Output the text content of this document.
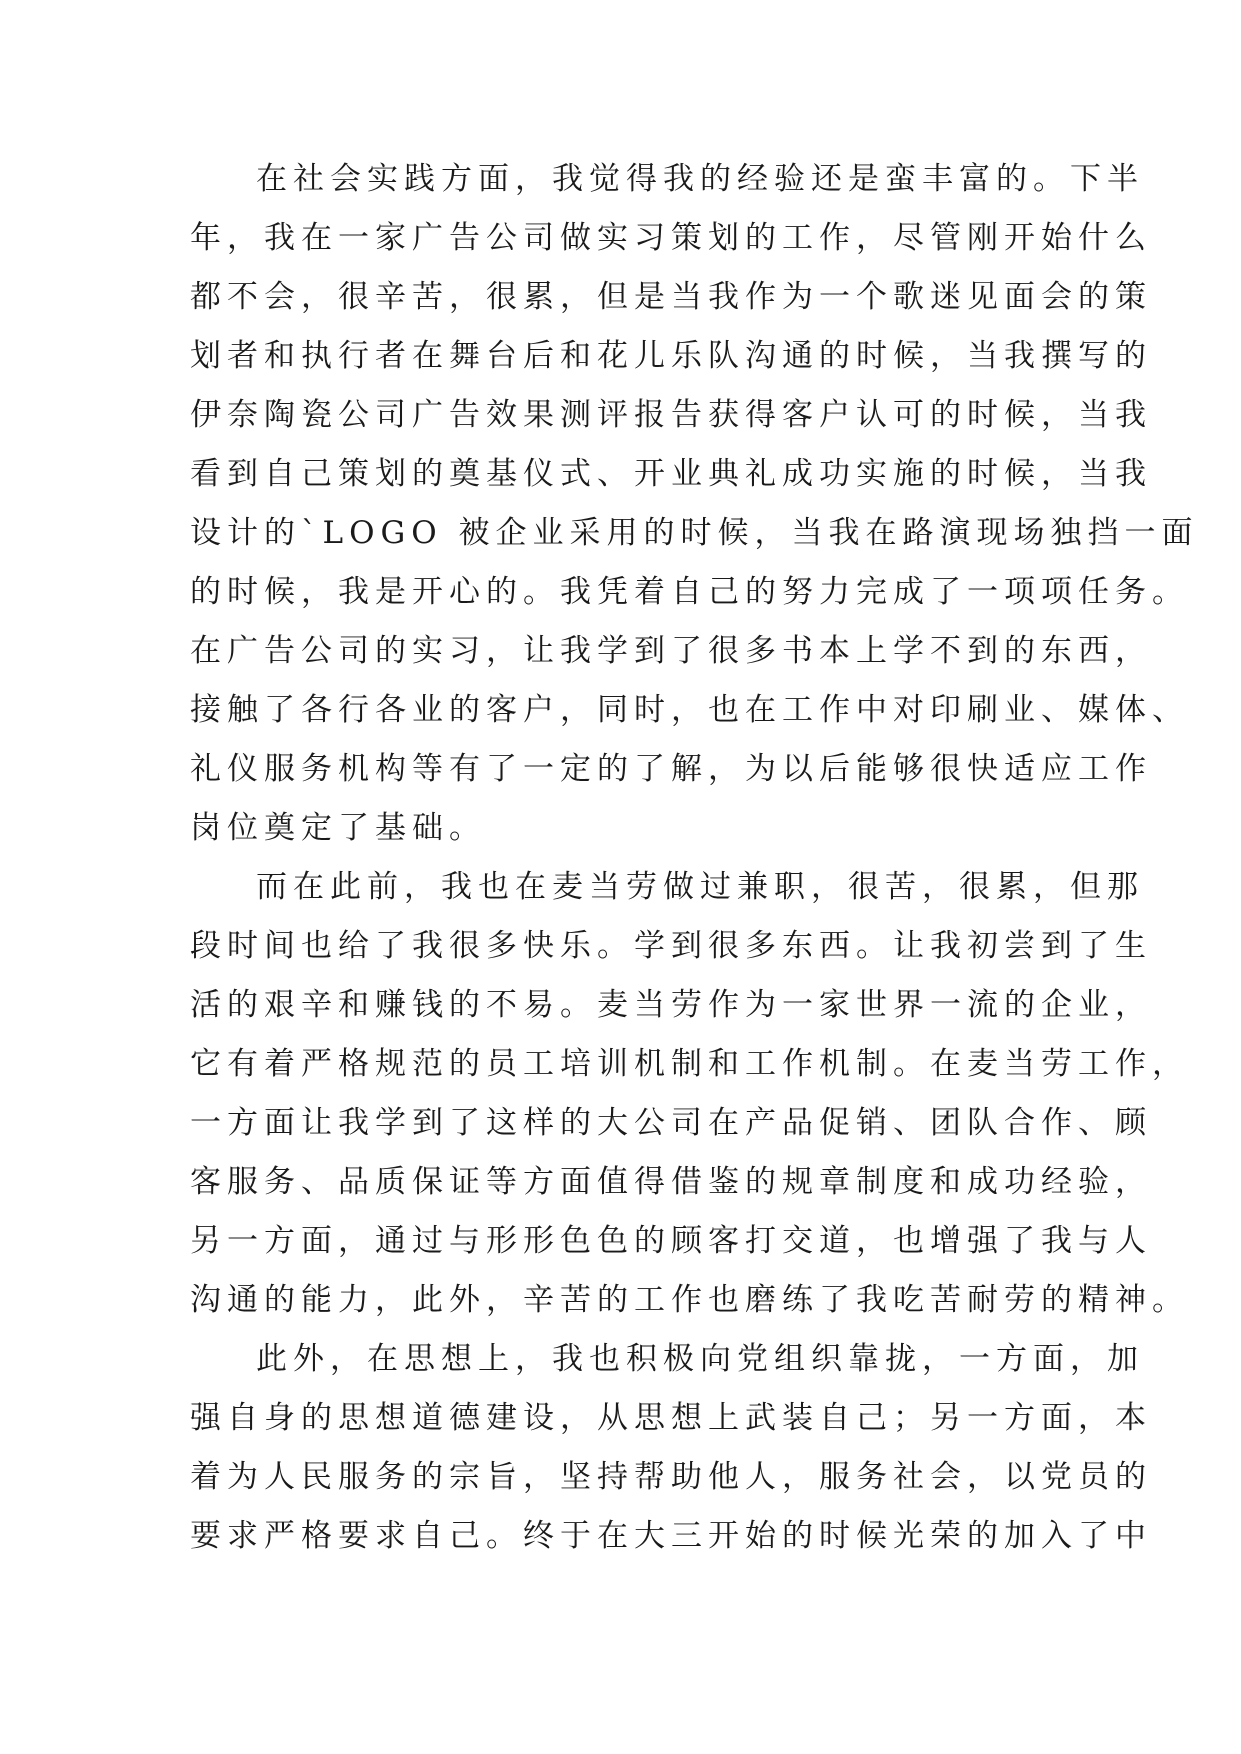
在社会实践方面，我觉得我的经验还是蛮丰富的。下半
年，我在一家广告公司做实习策划的工作，尽管刚开始什么
都不会，很辛苦，很累，但是当我作为一个歌迷见面会的策
划者和执行者在舞台后和花儿乐队沟通的时候，当我撰写的
伊奈陶瓷公司广告效果测评报告获得客户认可的时候，当我
看到自己策划的奠基仪式、开业典礼成功实施的时候，当我
设计的`LOGO 被企业采用的时候，当我在路演现场独挡一面
的时候，我是开心的。我凭着自己的努力完成了一项项任务。
在广告公司的实习，让我学到了很多书本上学不到的东西，
接触了各行各业的客户，同时，也在工作中对印刷业、媒体、
礼仪服务机构等有了一定的了解，为以后能够很快适应工作
岗位奠定了基础。
而在此前，我也在麦当劳做过兼职，很苦，很累，但那
段时间也给了我很多快乐。学到很多东西。让我初尝到了生
活的艰辛和赚钱的不易。麦当劳作为一家世界一流的企业，
它有着严格规范的员工培训机制和工作机制。在麦当劳工作，
一方面让我学到了这样的大公司在产品促销、团队合作、顾
客服务、品质保证等方面值得借鉴的规章制度和成功经验，
另一方面，通过与形形色色的顾客打交道，也增强了我与人
沟通的能力，此外，辛苦的工作也磨练了我吃苦耐劳的精神。
此外，在思想上，我也积极向党组织靠拢，一方面，加
强自身的思想道德建设，从思想上武装自己；另一方面，本
着为人民服务的宗旨，坚持帮助他人，服务社会，以党员的
要求严格要求自己。终于在大三开始的时候光荣的加入了中
